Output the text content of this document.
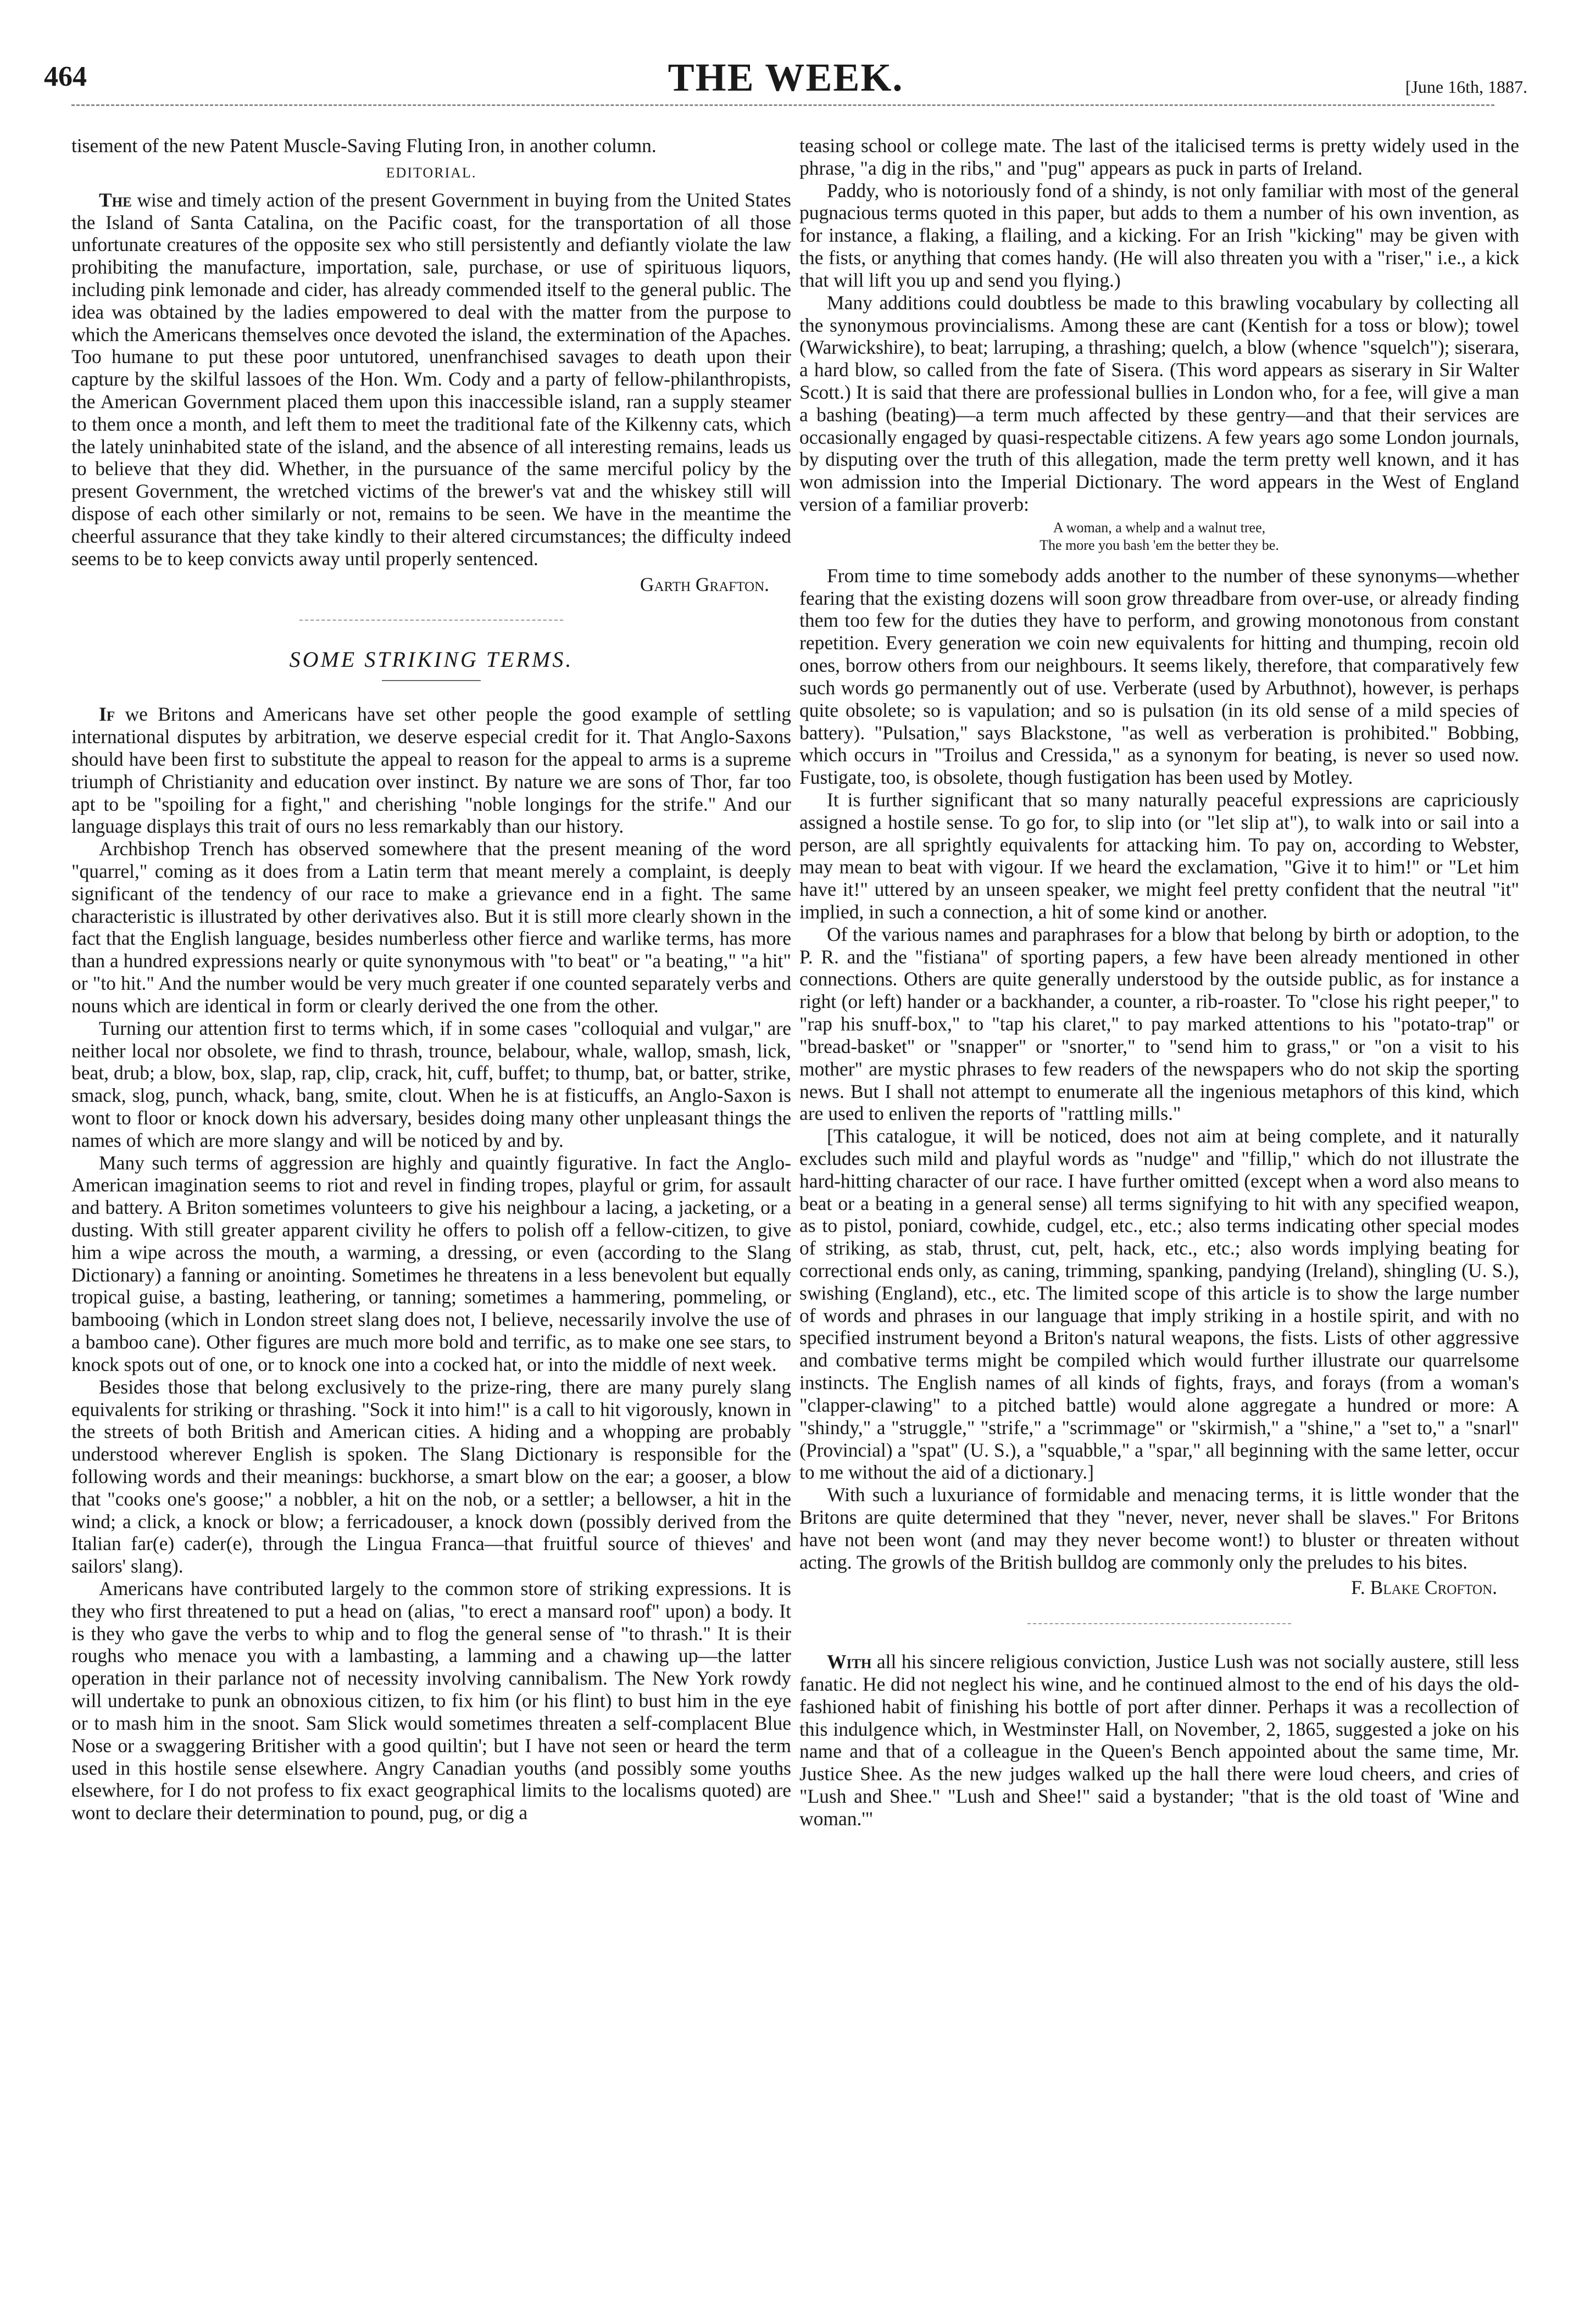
464	THE WEEK.	[June 16th, 1887.

tisement of the new Patent Muscle-Saving Fluting Iron, in another column.

EDITORIAL.

The wise and timely action of the present Government in buying from the United States the Island of Santa Catalina, on the Pacific coast, for the transportation of all those unfortunate creatures of the opposite sex who still persistently and defiantly violate the law prohibiting the manufacture, importation, sale, purchase, or use of spirituous liquors, including pink lemonade and cider, has already commended itself to the general public. The idea was obtained by the ladies empowered to deal with the matter from the purpose to which the Americans themselves once devoted the island, the extermination of the Apaches. Too humane to put these poor untutored, unenfranchised savages to death upon their capture by the skilful lassoes of the Hon. Wm. Cody and a party of fellow-philanthropists, the American Government placed them upon this inaccessible island, ran a supply steamer to them once a month, and left them to meet the traditional fate of the Kilkenny cats, which the lately uninhabited state of the island, and the absence of all interesting remains, leads us to believe that they did. Whether, in the pursuance of the same merciful policy by the present Government, the wretched victims of the brewer's vat and the whiskey still will dispose of each other similarly or not, remains to be seen. We have in the meantime the cheerful assurance that they take kindly to their altered circumstances; the difficulty indeed seems to be to keep convicts away until properly sentenced.

Garth Grafton.

SOME STRIKING TERMS.

If we Britons and Americans have set other people the good example of settling international disputes by arbitration, we deserve especial credit for it. That Anglo-Saxons should have been first to substitute the appeal to reason for the appeal to arms is a supreme triumph of Christianity and education over instinct. By nature we are sons of Thor, far too apt to be "spoiling for a fight," and cherishing "noble longings for the strife." And our language displays this trait of ours no less remarkably than our history.

Archbishop Trench has observed somewhere that the present meaning of the word "quarrel," coming as it does from a Latin term that meant merely a complaint, is deeply significant of the tendency of our race to make a grievance end in a fight. The same characteristic is illustrated by other derivatives also. But it is still more clearly shown in the fact that the English language, besides numberless other fierce and warlike terms, has more than a hundred expressions nearly or quite synonymous with "to beat" or "a beating," "a hit" or "to hit." And the number would be very much greater if one counted separately verbs and nouns which are identical in form or clearly derived the one from the other.

Turning our attention first to terms which, if in some cases "colloquial and vulgar," are neither local nor obsolete, we find to thrash, trounce, belabour, whale, wallop, smash, lick, beat, drub; a blow, box, slap, rap, clip, crack, hit, cuff, buffet; to thump, bat, or batter, strike, smack, slog, punch, whack, bang, smite, clout. When he is at fisticuffs, an Anglo-Saxon is wont to floor or knock down his adversary, besides doing many other unpleasant things the names of which are more slangy and will be noticed by and by.

Many such terms of aggression are highly and quaintly figurative. In fact the Anglo-American imagination seems to riot and revel in finding tropes, playful or grim, for assault and battery. A Briton sometimes volunteers to give his neighbour a lacing, a jacketing, or a dusting. With still greater apparent civility he offers to polish off a fellow-citizen, to give him a wipe across the mouth, a warming, a dressing, or even (according to the Slang Dictionary) a fanning or anointing. Sometimes he threatens in a less benevolent but equally tropical guise, a basting, leathering, or tanning; sometimes a hammering, pommeling, or bambooing (which in London street slang does not, I believe, necessarily involve the use of a bamboo cane). Other figures are much more bold and terrific, as to make one see stars, to knock spots out of one, or to knock one into a cocked hat, or into the middle of next week.

Besides those that belong exclusively to the prize-ring, there are many purely slang equivalents for striking or thrashing. "Sock it into him!" is a call to hit vigorously, known in the streets of both British and American cities. A hiding and a whopping are probably understood wherever English is spoken. The Slang Dictionary is responsible for the following words and their meanings: buckhorse, a smart blow on the ear; a gooser, a blow that "cooks one's goose;" a nobbler, a hit on the nob, or a settler; a bellowser, a hit in the wind; a click, a knock or blow; a ferricadouser, a knock down (possibly derived from the Italian far(e) cader(e), through the Lingua Franca—that fruitful source of thieves' and sailors' slang).

Americans have contributed largely to the common store of striking expressions. It is they who first threatened to put a head on (alias, "to erect a mansard roof" upon) a body. It is they who gave the verbs to whip and to flog the general sense of "to thrash." It is their roughs who menace you with a lambasting, a lamming and a chawing up—the latter operation in their parlance not of necessity involving cannibalism. The New York rowdy will undertake to punk an obnoxious citizen, to fix him (or his flint) to bust him in the eye or to mash him in the snoot. Sam Slick would sometimes threaten a self-complacent Blue Nose or a swaggering Britisher with a good quiltin'; but I have not seen or heard the term used in this hostile sense elsewhere. Angry Canadian youths (and possibly some youths elsewhere, for I do not profess to fix exact geographical limits to the localisms quoted) are wont to declare their determination to pound, pug, or dig a

teasing school or college mate. The last of the italicised terms is pretty widely used in the phrase, "a dig in the ribs," and "pug" appears as puck in parts of Ireland.

Paddy, who is notoriously fond of a shindy, is not only familiar with most of the general pugnacious terms quoted in this paper, but adds to them a number of his own invention, as for instance, a flaking, a flailing, and a kicking. For an Irish "kicking" may be given with the fists, or anything that comes handy. (He will also threaten you with a "riser," i.e., a kick that will lift you up and send you flying.)

Many additions could doubtless be made to this brawling vocabulary by collecting all the synonymous provincialisms. Among these are cant (Kentish for a toss or blow); towel (Warwickshire), to beat; larruping, a thrashing; quelch, a blow (whence "squelch"); siserara, a hard blow, so called from the fate of Sisera. (This word appears as siserary in Sir Walter Scott.) It is said that there are professional bullies in London who, for a fee, will give a man a bashing (beating)—a term much affected by these gentry—and that their services are occasionally engaged by quasi-respectable citizens. A few years ago some London journals, by disputing over the truth of this allegation, made the term pretty well known, and it has won admission into the Imperial Dictionary. The word appears in the West of England version of a familiar proverb:

A woman, a whelp and a walnut tree,
The more you bash 'em the better they be.

From time to time somebody adds another to the number of these synonyms—whether fearing that the existing dozens will soon grow threadbare from over-use, or already finding them too few for the duties they have to perform, and growing monotonous from constant repetition. Every generation we coin new equivalents for hitting and thumping, recoin old ones, borrow others from our neighbours. It seems likely, therefore, that comparatively few such words go permanently out of use. Verberate (used by Arbuthnot), however, is perhaps quite obsolete; so is vapulation; and so is pulsation (in its old sense of a mild species of battery). "Pulsation," says Blackstone, "as well as verberation is prohibited." Bobbing, which occurs in "Troilus and Cressida," as a synonym for beating, is never so used now. Fustigate, too, is obsolete, though fustigation has been used by Motley.

It is further significant that so many naturally peaceful expressions are capriciously assigned a hostile sense. To go for, to slip into (or "let slip at"), to walk into or sail into a person, are all sprightly equivalents for attacking him. To pay on, according to Webster, may mean to beat with vigour. If we heard the exclamation, "Give it to him!" or "Let him have it!" uttered by an unseen speaker, we might feel pretty confident that the neutral "it" implied, in such a connection, a hit of some kind or another.

Of the various names and paraphrases for a blow that belong by birth or adoption, to the P. R. and the "fistiana" of sporting papers, a few have been already mentioned in other connections. Others are quite generally understood by the outside public, as for instance a right (or left) hander or a backhander, a counter, a rib-roaster. To "close his right peeper," to "rap his snuff-box," to "tap his claret," to pay marked attentions to his "potato-trap" or "bread-basket" or "snapper" or "snorter," to "send him to grass," or "on a visit to his mother" are mystic phrases to few readers of the newspapers who do not skip the sporting news. But I shall not attempt to enumerate all the ingenious metaphors of this kind, which are used to enliven the reports of "rattling mills."

[This catalogue, it will be noticed, does not aim at being complete, and it naturally excludes such mild and playful words as "nudge" and "fillip," which do not illustrate the hard-hitting character of our race. I have further omitted (except when a word also means to beat or a beating in a general sense) all terms signifying to hit with any specified weapon, as to pistol, poniard, cowhide, cudgel, etc., etc.; also terms indicating other special modes of striking, as stab, thrust, cut, pelt, hack, etc., etc.; also words implying beating for correctional ends only, as caning, trimming, spanking, pandying (Ireland), shingling (U. S.), swishing (England), etc., etc. The limited scope of this article is to show the large number of words and phrases in our language that imply striking in a hostile spirit, and with no specified instrument beyond a Briton's natural weapons, the fists. Lists of other aggressive and combative terms might be compiled which would further illustrate our quarrelsome instincts. The English names of all kinds of fights, frays, and forays (from a woman's "clapper-clawing" to a pitched battle) would alone aggregate a hundred or more: A "shindy," a "struggle," "strife," a "scrimmage" or "skirmish," a "shine," a "set to," a "snarl" (Provincial) a "spat" (U. S.), a "squabble," a "spar," all beginning with the same letter, occur to me without the aid of a dictionary.]

With such a luxuriance of formidable and menacing terms, it is little wonder that the Britons are quite determined that they "never, never, never shall be slaves." For Britons have not been wont (and may they never become wont!) to bluster or threaten without acting. The growls of the British bulldog are commonly only the preludes to his bites.

F. Blake Crofton.

With all his sincere religious conviction, Justice Lush was not socially austere, still less fanatic. He did not neglect his wine, and he continued almost to the end of his days the old-fashioned habit of finishing his bottle of port after dinner. Perhaps it was a recollection of this indulgence which, in Westminster Hall, on November, 2, 1865, suggested a joke on his name and that of a colleague in the Queen's Bench appointed about the same time, Mr. Justice Shee. As the new judges walked up the hall there were loud cheers, and cries of "Lush and Shee." "Lush and Shee!" said a bystander; "that is the old toast of 'Wine and woman.'"
